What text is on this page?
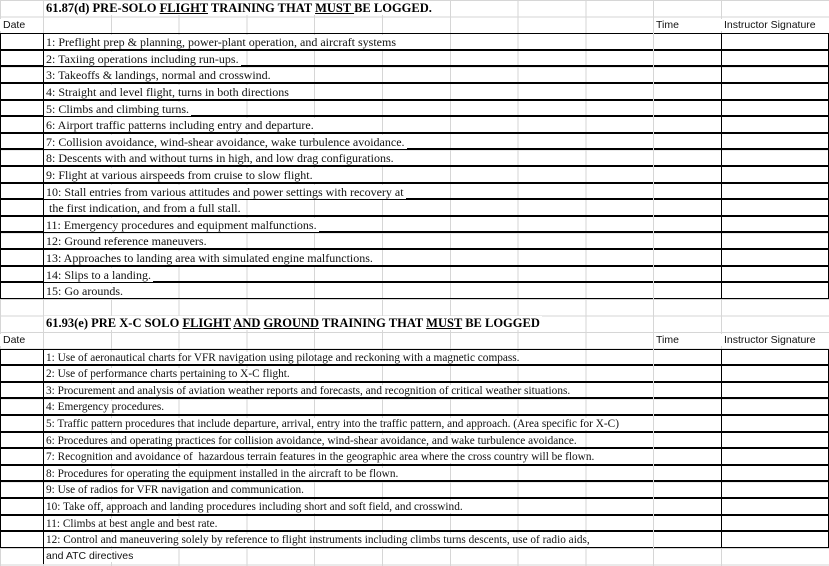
61.87(d) PRE-SOLO FLIGHT TRAINING THAT MUST BE LOGGED.
Date	Time	Instructor Signature
1: Preflight prep & planning, power-plant operation, and aircraft systems
2: Taxiing operations including run-ups.
3: Takeoffs & landings, normal and crosswind.
4: Straight and level flight, turns in both directions
5: Climbs and climbing turns.
6: Airport traffic patterns including entry and departure.
7: Collision avoidance, wind-shear avoidance, wake turbulence avoidance.
8: Descents with and without turns in high, and low drag configurations.
9: Flight at various airspeeds from cruise to slow flight.
10: Stall entries from various attitudes and power settings with recovery at
the first indication, and from a full stall.
11: Emergency procedures and equipment malfunctions.
12: Ground reference maneuvers.
13: Approaches to landing area with simulated engine malfunctions.
14: Slips to a landing.
15: Go arounds.
61.93(e) PRE X-C SOLO FLIGHT AND GROUND TRAINING THAT MUST BE LOGGED
Date	Time	Instructor Signature
1: Use of aeronautical charts for VFR navigation using pilotage and reckoning with a magnetic compass.
2: Use of performance charts pertaining to X-C flight.
3: Procurement and analysis of aviation weather reports and forecasts, and recognition of critical weather situations.
4: Emergency procedures.
5: Traffic pattern procedures that include departure, arrival, entry into the traffic pattern, and approach. (Area specific for X-C)
6: Procedures and operating practices for collision avoidance, wind-shear avoidance, and wake turbulence avoidance.
7: Recognition and avoidance of  hazardous terrain features in the geographic area where the cross country will be flown.
8: Procedures for operating the equipment installed in the aircraft to be flown.
9: Use of radios for VFR navigation and communication.
10: Take off, approach and landing procedures including short and soft field, and crosswind.
11: Climbs at best angle and best rate.
12: Control and maneuvering solely by reference to flight instruments including climbs turns descents, use of radio aids,
and ATC directives
